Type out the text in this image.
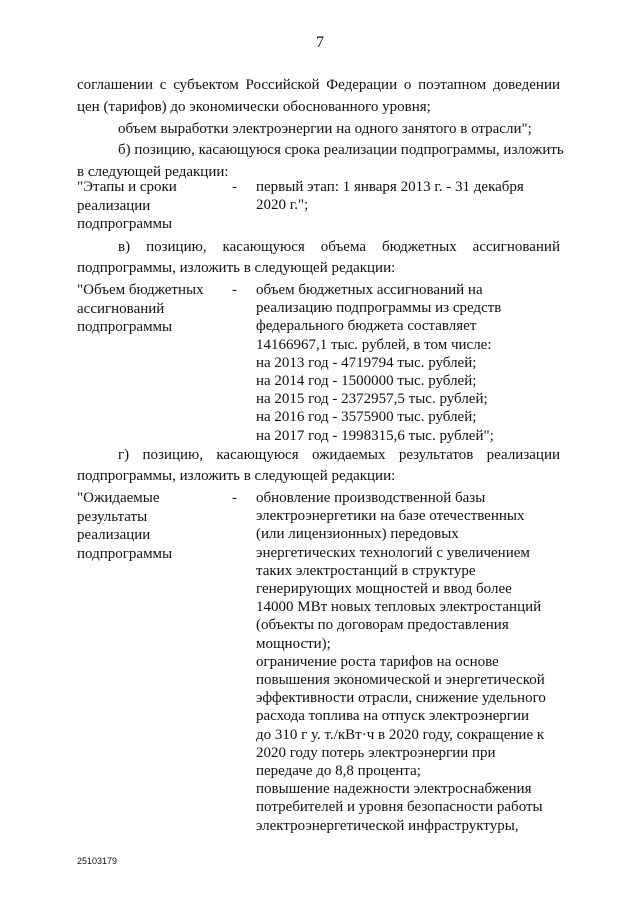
7
соглашении с субъектом Российской Федерации о поэтапном доведении
цен (тарифов) до экономически обоснованного уровня;
объем выработки электроэнергии на одного занятого в отрасли";
б) позицию, касающуюся срока реализации подпрограммы, изложить
в следующей редакции:
"Этапы и сроки
реализации
подпрограммы
- первый этап: 1 января 2013 г. - 31 декабря
2020 г.";
в) позицию, касающуюся объема бюджетных ассигнований
подпрограммы, изложить в следующей редакции:
"Объем бюджетных
ассигнований
подпрограммы
- объем бюджетных ассигнований на
реализацию подпрограммы из средств
федерального бюджета составляет
14166967,1 тыс. рублей, в том числе:
на 2013 год - 4719794 тыс. рублей;
на 2014 год - 1500000 тыс. рублей;
на 2015 год - 2372957,5 тыс. рублей;
на 2016 год - 3575900 тыс. рублей;
на 2017 год - 1998315,6 тыс. рублей";
г) позицию, касающуюся ожидаемых результатов реализации
подпрограммы, изложить в следующей редакции:
"Ожидаемые
результаты
реализации
подпрограммы
- обновление производственной базы
электроэнергетики на базе отечественных
(или лицензионных) передовых
энергетических технологий с увеличением
таких электростанций в структуре
генерирующих мощностей и ввод более
14000 МВт новых тепловых электростанций
(объекты по договорам предоставления
мощности);
ограничение роста тарифов на основе
повышения экономической и энергетической
эффективности отрасли, снижение удельного
расхода топлива на отпуск электроэнергии
до 310 г у. т./кВт·ч в 2020 году, сокращение к
2020 году потерь электроэнергии при
передаче до 8,8 процента;
повышение надежности электроснабжения
потребителей и уровня безопасности работы
электроэнергетической инфраструктуры,
25103179
